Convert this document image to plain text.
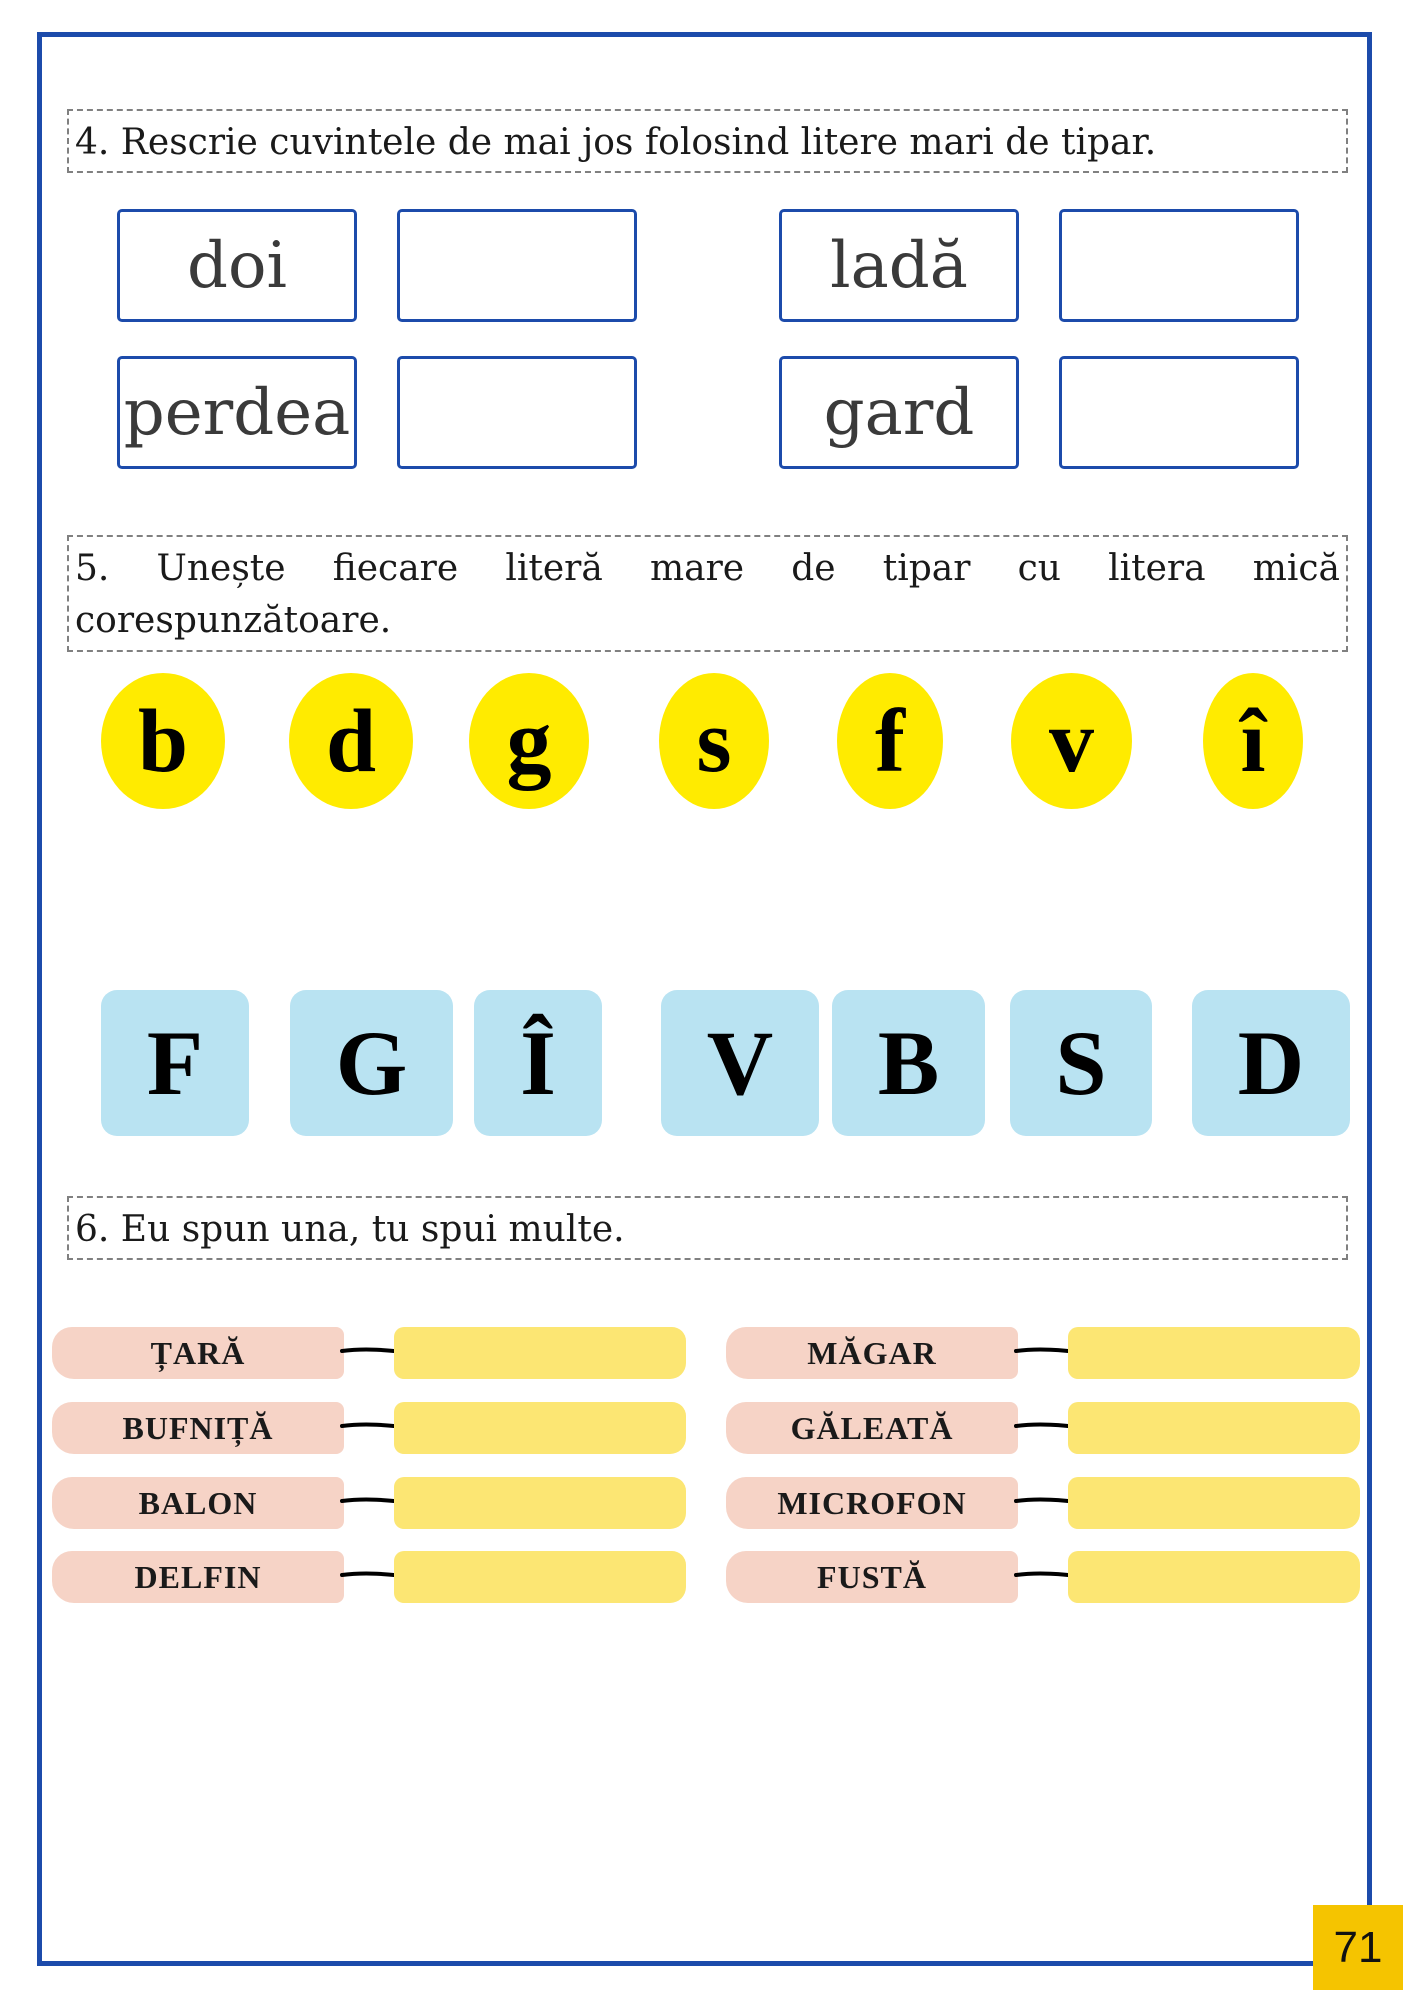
4. Rescrie cuvintele de mai jos folosind litere mari de tipar.
doi	ladă
perdea	gard
5. Unește fiecare literă mare de tipar cu litera mică corespunzătoare.
b	d	g	s	f	v	î
F	G	Î	V	B	S	D
6. Eu spun una, tu spui multe.
ȚARĂ
BUFNIȚĂ
BALON
DELFIN
MĂGAR
GĂLEATĂ
MICROFON
FUSTĂ
71
